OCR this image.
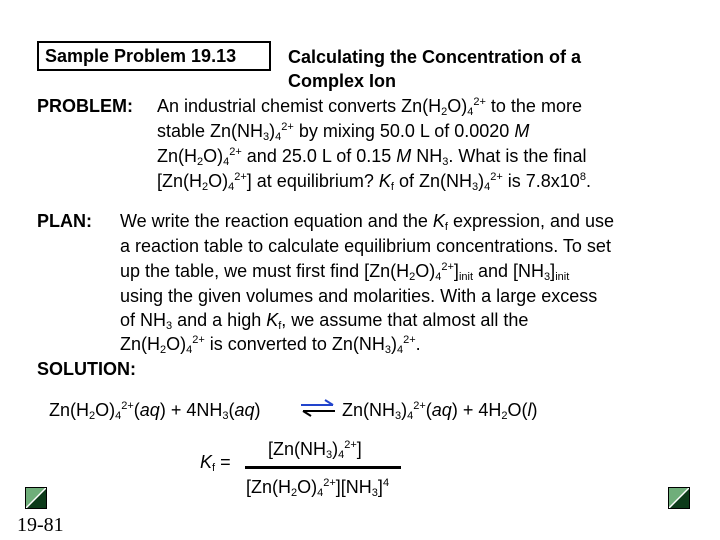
Sample Problem 19.13	Calculating the Concentration of a
Complex Ion
PROBLEM: An industrial chemist converts $Zn(H_2O)_4^{2+}$ to the more
stable $Zn(NH_3)_4^{2+}$ by mixing 50.0 L of 0.0020 M
$Zn(H_2O)_4^{2+}$ and 25.0 L of 0.15 M $NH_3$. What is the final
$[Zn(H_2O)_4^{2+}]$ at equilibrium? $K_f$ of $Zn(NH_3)_4^{2+}$ is $7.8x10^8$.
PLAN: We write the reaction equation and the $K_f$ expression, and use
a reaction table to calculate equilibrium concentrations. To set
up the table, we must first find $[Zn(H_2O)_4^{2+}]_{init}$ and $[NH_3]_{init}$
using the given volumes and molarities. With a large excess
of $NH_3$ and a high $K_f$, we assume that almost all the
$Zn(H_2O)_4^{2+}$ is converted to $Zn(NH_3)_4^{2+}$.
SOLUTION:
$Zn(H_2O)_4^{2+}(aq) + 4NH_3(aq)$ ⇌ $Zn(NH_3)_4^{2+}(aq) + 4H_2O(l)$
$K_f$ =
$[Zn(NH_3)_4^{2+}]$
$[Zn(H_2O)_4^{2+}][NH_3]^4$
19-81
